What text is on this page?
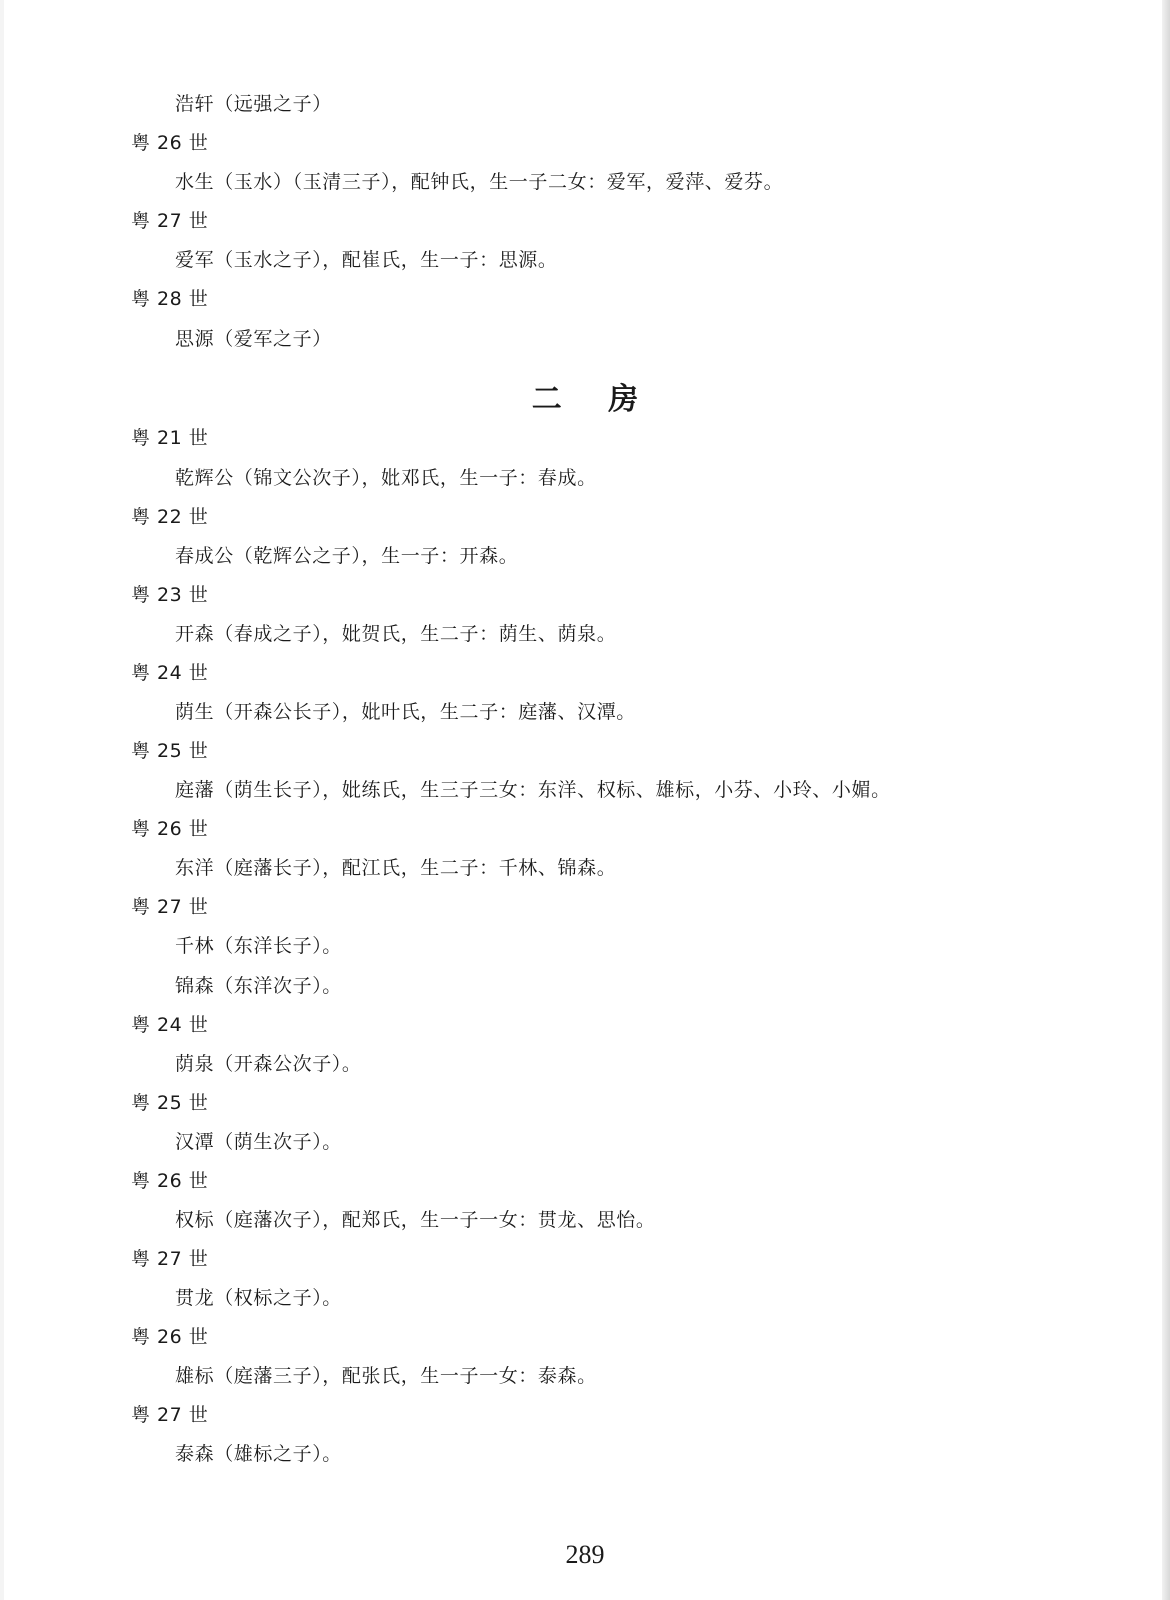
浩轩（远强之子）
粤 26 世
水生（玉水）（玉清三子），配钟氏，生一子二女：爱军，爱萍、爱芬。
粤 27 世
爱军（玉水之子），配崔氏，生一子：思源。
粤 28 世
思源（爱军之子）
二 房
粤 21 世
乾辉公（锦文公次子），妣邓氏，生一子：春成。
粤 22 世
春成公（乾辉公之子），生一子：开森。
粤 23 世
开森（春成之子），妣贺氏，生二子：荫生、荫泉。
粤 24 世
荫生（开森公长子），妣叶氏，生二子：庭藩、汉潭。
粤 25 世
庭藩（荫生长子），妣练氏，生三子三女：东洋、权标、雄标，小芬、小玲、小媚。
粤 26 世
东洋（庭藩长子），配江氏，生二子：千林、锦森。
粤 27 世
千林（东洋长子）。
锦森（东洋次子）。
粤 24 世
荫泉（开森公次子）。
粤 25 世
汉潭（荫生次子）。
粤 26 世
权标（庭藩次子），配郑氏，生一子一女：贯龙、思怡。
粤 27 世
贯龙（权标之子）。
粤 26 世
雄标（庭藩三子），配张氏，生一子一女：泰森。
粤 27 世
泰森（雄标之子）。
289
